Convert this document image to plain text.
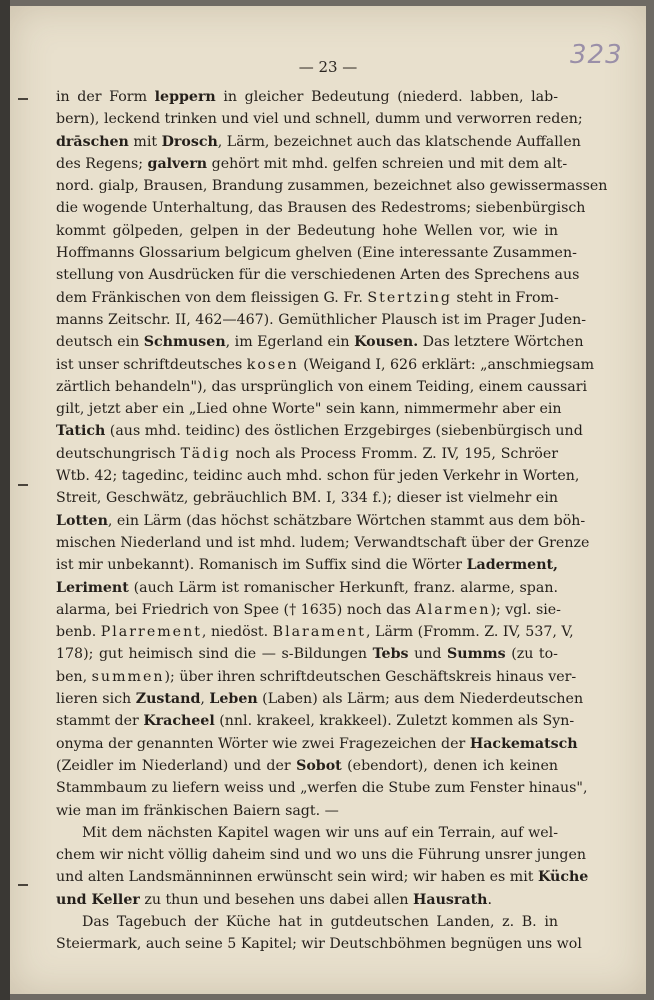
— 23 —	323
in der Form leppern in gleicher Bedeutung (niederd. labben, lab-
bern), leckend trinken und viel und schnell, dumm und verworren reden;
drāschen mit Drosch, Lärm, bezeichnet auch das klatschende Auffallen
des Regens; galvern gehört mit mhd. gelfen schreien und mit dem alt-
nord. gialp, Brausen, Brandung zusammen, bezeichnet also gewissermassen
die wogende Unterhaltung, das Brausen des Redestroms; siebenbürgisch
kommt gölpeden, gelpen in der Bedeutung hohe Wellen vor, wie in
Hoffmanns Glossarium belgicum ghelven (Eine interessante Zusammen-
stellung von Ausdrücken für die verschiedenen Arten des Sprechens aus
dem Fränkischen von dem fleissigen G. Fr. Stertzing steht in From-
manns Zeitschr. II, 462—467). Gemüthlicher Plausch ist im Prager Juden-
deutsch ein Schmusen, im Egerland ein Kousen. Das letztere Wörtchen
ist unser schriftdeutsches kosen (Weigand I, 626 erklärt: „anschmiegsam
zärtlich behandeln"), das ursprünglich von einem Teiding, einem caussari
gilt, jetzt aber ein „Lied ohne Worte" sein kann, nimmermehr aber ein
Tatich (aus mhd. teidinc) des östlichen Erzgebirges (siebenbürgisch und
deutschungrisch Tädig noch als Process Fromm. Z. IV, 195, Schröer
Wtb. 42; tagedinc, teidinc auch mhd. schon für jeden Verkehr in Worten,
Streit, Geschwätz, gebräuchlich BM. I, 334 f.); dieser ist vielmehr ein
Lotten, ein Lärm (das höchst schätzbare Wörtchen stammt aus dem böh-
mischen Niederland und ist mhd. ludem; Verwandtschaft über der Grenze
ist mir unbekannt). Romanisch im Suffix sind die Wörter Laderment,
Leriment (auch Lärm ist romanischer Herkunft, franz. alarme, span.
alarma, bei Friedrich von Spee († 1635) noch das Alarmen); vgl. sie-
benb. Plarrement, niedöst. Blarament, Lärm (Fromm. Z. IV, 537, V,
178); gut heimisch sind die — s-Bildungen Tebs und Summs (zu to-
ben, summen); über ihren schriftdeutschen Geschäftskreis hinaus ver-
lieren sich Zustand, Leben (Laben) als Lärm; aus dem Niederdeutschen
stammt der Kracheel (nnl. krakeel, krakkeel). Zuletzt kommen als Syn-
onyma der genannten Wörter wie zwei Fragezeichen der Hackematsch
(Zeidler im Niederland) und der Sobot (ebendort), denen ich keinen
Stammbaum zu liefern weiss und „werfen die Stube zum Fenster hinaus",
wie man im fränkischen Baiern sagt. —
Mit dem nächsten Kapitel wagen wir uns auf ein Terrain, auf wel-
chem wir nicht völlig daheim sind und wo uns die Führung unsrer jungen
und alten Landsmänninnen erwünscht sein wird; wir haben es mit Küche
und Keller zu thun und besehen uns dabei allen Hausrath.
Das Tagebuch der Küche hat in gutdeutschen Landen, z. B. in
Steiermark, auch seine 5 Kapitel; wir Deutschböhmen begnügen uns wol
